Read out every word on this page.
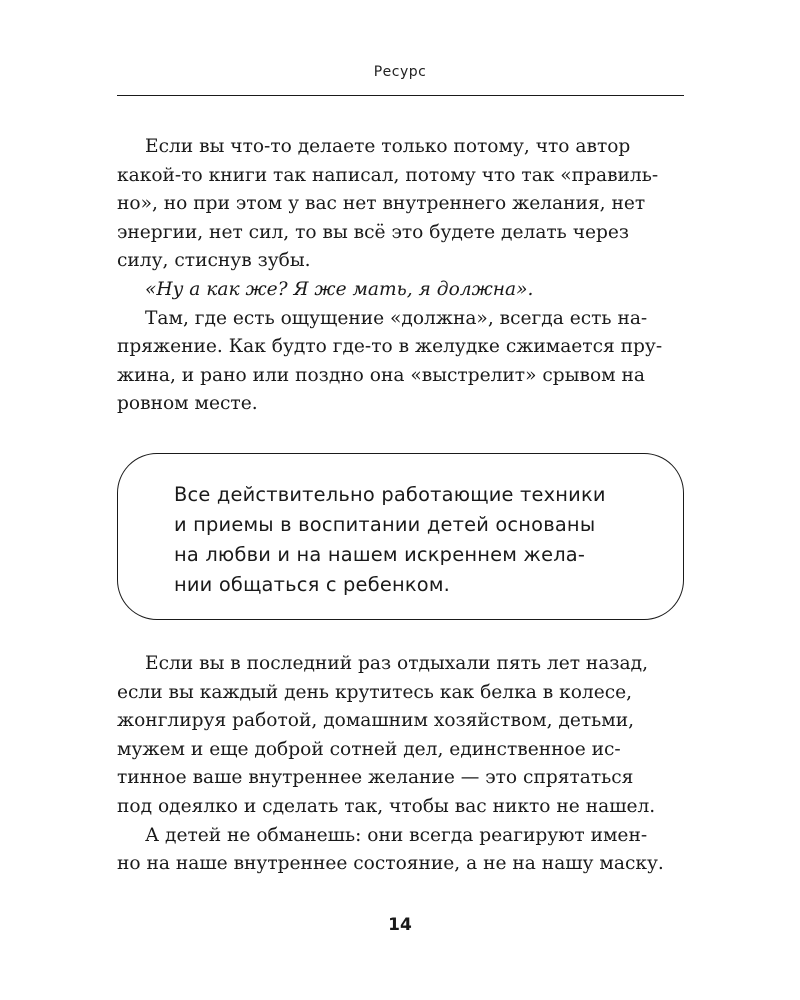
Ресурс
Если вы что-то делаете только потому, что автор
какой-то книги так написал, потому что так «правиль-
но», но при этом у вас нет внутреннего желания, нет
энергии, нет сил, то вы всё это будете делать через
силу, стиснув зубы.
«Ну а как же? Я же мать, я должна».
Там, где есть ощущение «должна», всегда есть на-
пряжение. Как будто где-то в желудке сжимается пру-
жина, и рано или поздно она «выстрелит» срывом на
ровном месте.
Все действительно работающие техники
и приемы в воспитании детей основаны
на любви и на нашем искреннем жела-
нии общаться с ребенком.
Если вы в последний раз отдыхали пять лет назад,
если вы каждый день крутитесь как белка в колесе,
жонглируя работой, домашним хозяйством, детьми,
мужем и еще доброй сотней дел, единственное ис-
тинное ваше внутреннее желание — это спрятаться
под одеялко и сделать так, чтобы вас никто не нашел.
А детей не обманешь: они всегда реагируют имен-
но на наше внутреннее состояние, а не на нашу маску.
14
